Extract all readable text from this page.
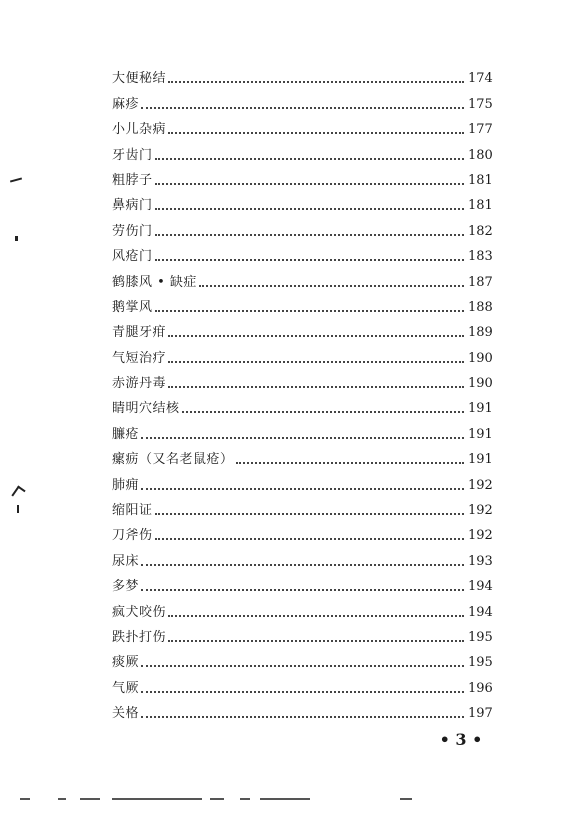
大便秘结	174
麻疹	175
小儿杂病	177
牙齿门	180
粗脖子	181
鼻病门	181
劳伤门	182
风疮门	183
鹤膝风 • 缺症	187
鹅掌风	188
青腿牙疳	189
气短治疗	190
赤游丹毒	190
睛明穴结核	191
臁疮	191
瘰疬（又名老鼠疮）	191
肺痈	192
缩阳证	192
刀斧伤	192
尿床	193
多梦	194
疯犬咬伤	194
跌扑打伤	195
痰厥	195
气厥	196
关格	197
• 3 •
